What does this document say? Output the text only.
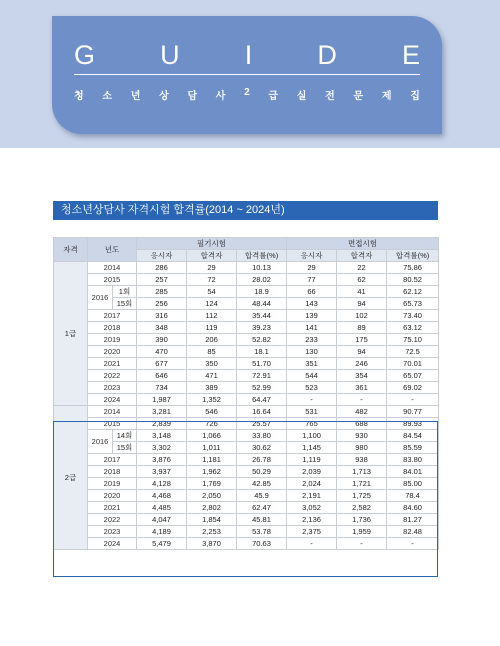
G U I D E
청 소 년 상 담 사 2 급 실 전 문 제 집
청소년상담사 자격시험 합격률(2014 ~ 2024년)
자격	년도		필기시험			면접시험		
			응시자	합격자	합격률(%)	응시자	합격자	합격률(%)
1급	2014		286	29	10.13	29	22	75.86
	2015		257	72	28.02	77	62	80.52
	2016	1회	285	54	18.9	66	41	62.12
		15회	256	124	48.44	143	94	65.73
	2017		316	112	35.44	139	102	73.40
	2018		348	119	39.23	141	89	63.12
	2019		390	206	52.82	233	175	75.10
	2020		470	85	18.1	130	94	72.5
	2021		677	350	51.70	351	246	70.01
	2022		646	471	72.91	544	354	65.07
	2023		734	389	52.99	523	361	69.02
	2024		1,987	1,352	64.47	-	-	-
2급	2014		3,281	546	16.64	531	482	90.77
	2015		2,839	726	25.57	765	688	89.93
	2016	14회	3,148	1,066	33.80	1,100	930	84.54
		15회	3,302	1,011	30.62	1,145	980	85.59
	2017		3,876	1,181	26.78	1,119	938	83.80
	2018		3,937	1,962	50.29	2,039	1,713	84.01
	2019		4,128	1,769	42.85	2,024	1,721	85.00
	2020		4,468	2,050	45.9	2,191	1,725	78.4
	2021		4,485	2,802	62.47	3,052	2,582	84.60
	2022		4,047	1,854	45.81	2,136	1,736	81.27
	2023		4,189	2,253	53.78	2,375	1,959	82.48
	2024		5,479	3,870	70.63	-	-	-
